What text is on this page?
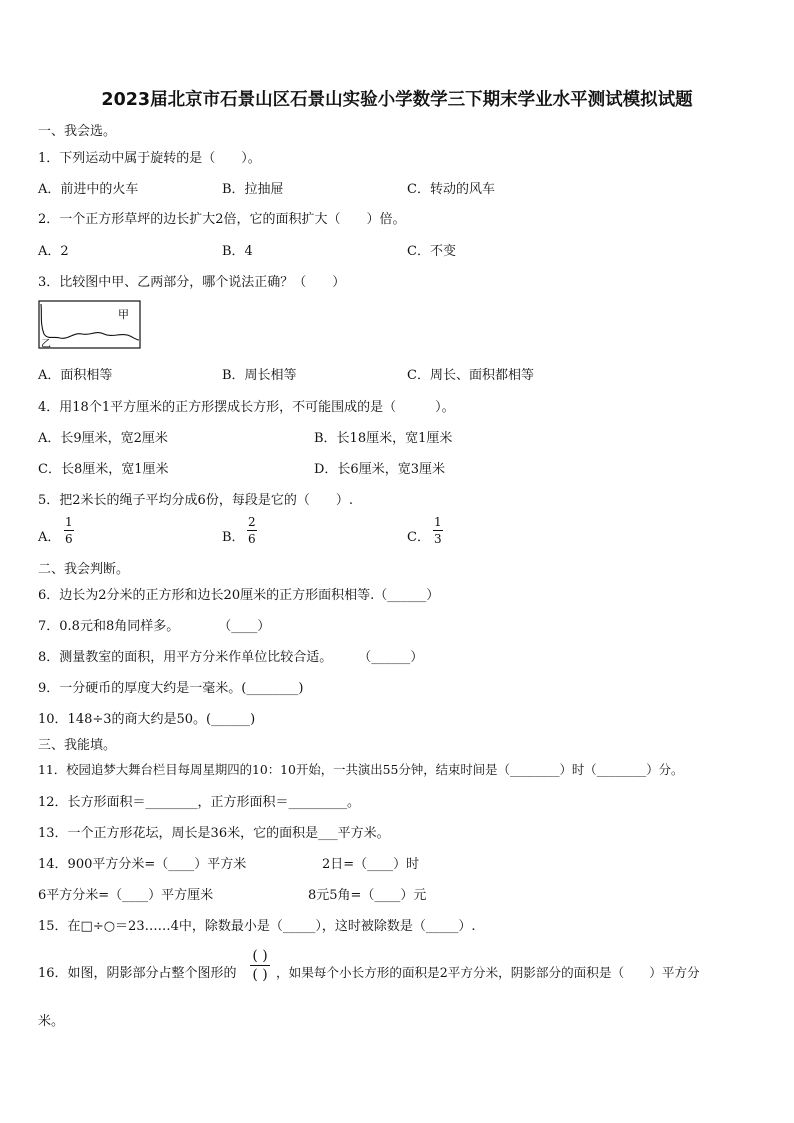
2023届北京市石景山区石景山实验小学数学三下期末学业水平测试模拟试题
一、我会选。
1．下列运动中属于旋转的是（　　）。
A．前进中的火车	B．拉抽屉	C．转动的风车
2．一个正方形草坪的边长扩大2倍，它的面积扩大（　　）倍。
A．2	B．4	C．不变
3．比较图中甲、乙两部分，哪个说法正确？（　　）
甲
乙
A．面积相等	B．周长相等	C．周长、面积都相等
4．用18个1平方厘米的正方形摆成长方形，不可能围成的是（　　　）。
A．长9厘米，宽2厘米	B．长18厘米，宽1厘米
C．长8厘米，宽1厘米	D．长6厘米，宽3厘米
5．把2米长的绳子平均分成6份，每段是它的（　　）.
A．
1
6	B．
2
6	C．
1
3
二、我会判断。
6．边长为2分米的正方形和边长20厘米的正方形面积相等.（______）
7．0.8元和8角同样多。　　　　（____）
8．测量教室的面积，用平方分米作单位比较合适。　　　（______）
9．一分硬币的厚度大约是一毫米。(________)
10．148÷3的商大约是50。(______)
三、我能填。
11．校园追梦大舞台栏目每周星期四的10：10开始，一共演出55分钟，结束时间是（________）时（________）分。
12．长方形面积＝________，正方形面积＝_________。
13．一个正方形花坛，周长是36米，它的面积是___平方米。
14．900平方分米=（____）平方米	2日=（____）时
6平方分米=（____）平方厘米	8元5角=（____）元
15．在□÷○＝23……4中，除数最小是（_____），这时被除数是（_____）.
16．如图，阴影部分占整个图形的
( )
( ) ，如果每个小长方形的面积是2平方分米，阴影部分的面积是（　　）平方分
米。
